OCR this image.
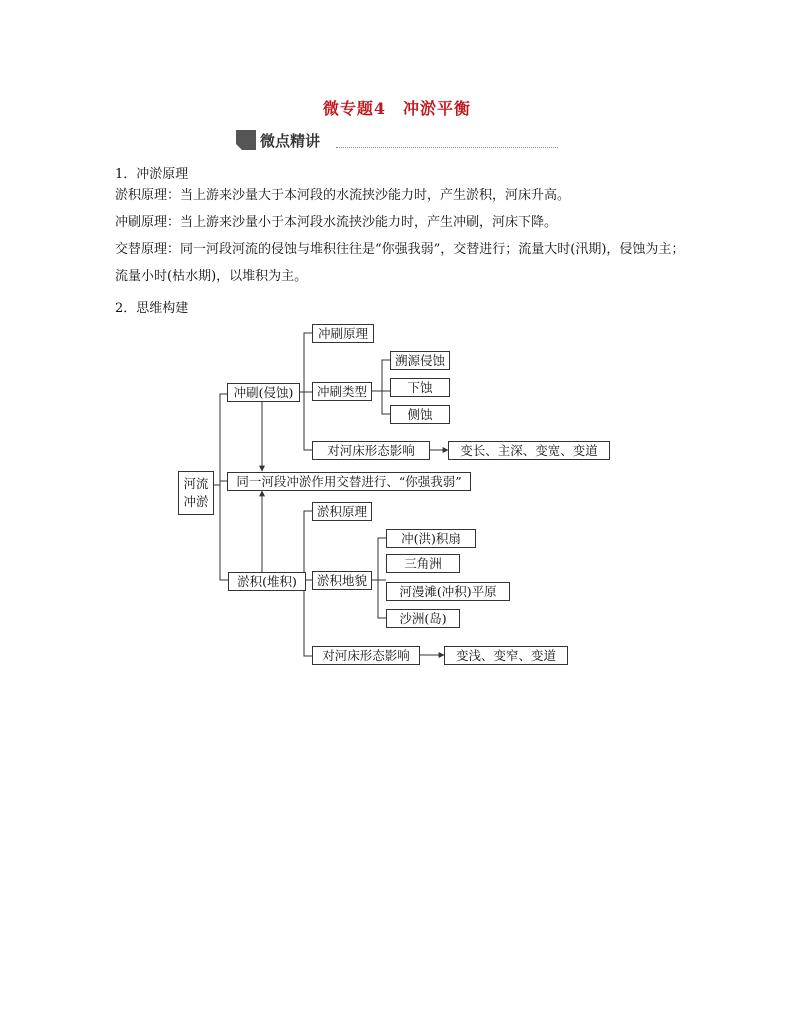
微专题4　冲淤平衡
微点精讲
1．冲淤原理
淤积原理：当上游来沙量大于本河段的水流挟沙能力时，产生淤积，河床升高。
冲刷原理：当上游来沙量小于本河段水流挟沙能力时，产生冲刷，河床下降。
交替原理：同一河段河流的侵蚀与堆积往往是“你强我弱”，交替进行；流量大时(汛期)，侵蚀为主；流量小时(枯水期)，以堆积为主。
2．思维构建
河流
冲淤
冲刷(侵蚀)
冲刷原理
冲刷类型
溯源侵蚀
下蚀
侧蚀
对河床形态影响	变长、主深、变宽、变道
同一河段冲淤作用交替进行、“你强我弱”
淤积(堆积)
淤积原理
淤积地貌
冲(洪)积扇
三角洲
河漫滩(冲积)平原
沙洲(岛)
对河床形态影响	变浅、变窄、变道
